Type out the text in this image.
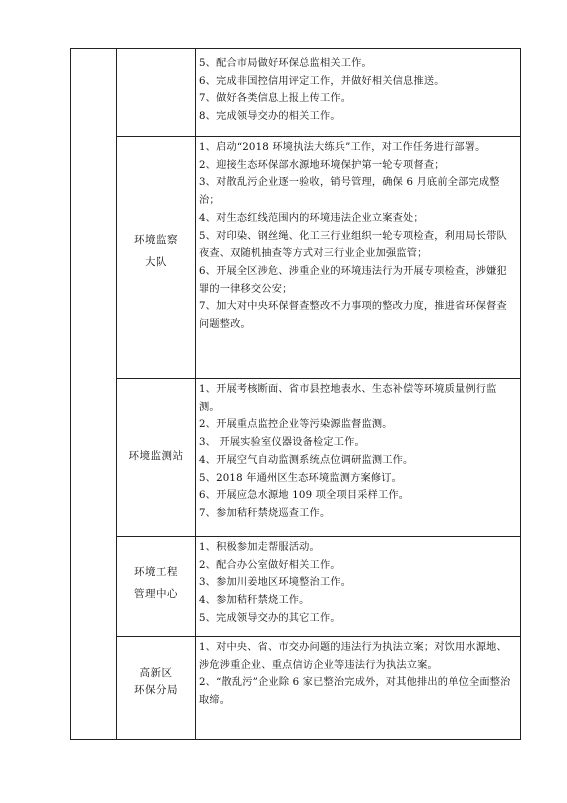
5、配合市局做好环保总监相关工作。
6、完成非国控信用评定工作，并做好相关信息推送。
7、做好各类信息上报上传工作。
8、完成领导交办的相关工作。
环境监察
大队
1、启动“2018 环境执法大练兵”工作，对工作任务进行部署。
2、迎接生态环保部水源地环境保护第一轮专项督查；
3、对散乱污企业逐一验收，销号管理，确保 6 月底前全部完成整治；
4、对生态红线范围内的环境违法企业立案查处；
5、对印染、钢丝绳、化工三行业组织一轮专项检查，利用局长带队夜查、双随机抽查等方式对三行业企业加强监管；
6、开展全区涉危、涉重企业的环境违法行为开展专项检查，涉嫌犯罪的一律移交公安；
7、加大对中央环保督查整改不力事项的整改力度，推进省环保督查问题整改。
环境监测站
1、开展考核断面、省市县控地表水、生态补偿等环境质量例行监测。
2、开展重点监控企业等污染源监督监测。
3、 开展实验室仪器设备检定工作。
4、开展空气自动监测系统点位调研监测工作。
5、2018 年通州区生态环境监测方案修订。
6、开展应急水源地 109 项全项目采样工作。
7、参加秸秆禁烧巡查工作。
环境工程
管理中心
1、积极参加走帮服活动。
2、配合办公室做好相关工作。
3、参加川姜地区环境整治工作。
4、参加秸秆禁烧工作。
5、完成领导交办的其它工作。
高新区
环保分局
1、对中央、省、市交办问题的违法行为执法立案；对饮用水源地、涉危涉重企业、重点信访企业等违法行为执法立案。
2、“散乱污”企业除 6 家已整治完成外，对其他排出的单位全面整治取缔。
